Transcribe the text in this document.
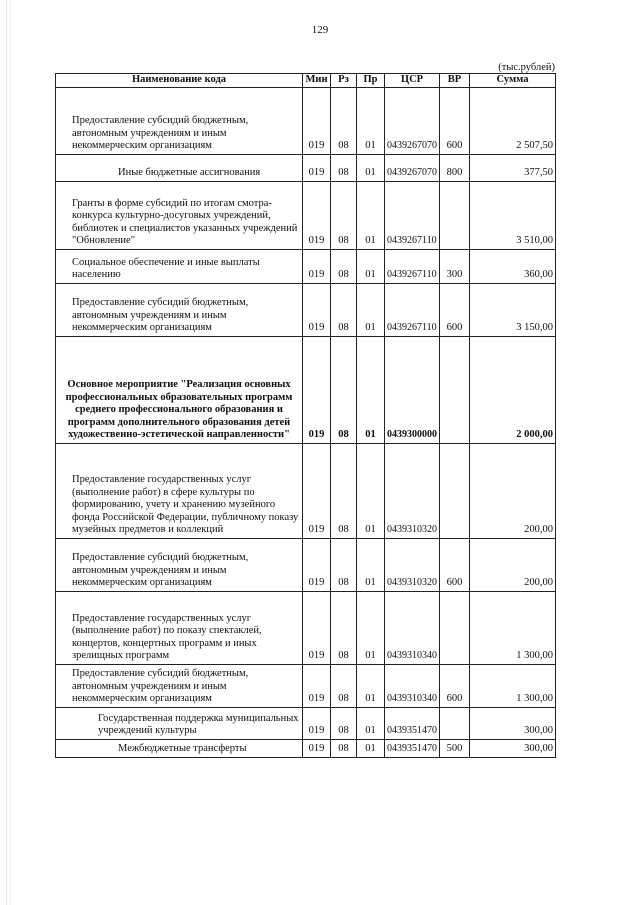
129
(тыс.рублей)
Наименование кода	Мин	Рз	Пр	ЦСР	ВР	Сумма

Предоставление субсидий бюджетным, автономным учреждениям и иным некоммерческим организациям	019	08	01	0439267070	600	2 507,50

Иные бюджетные ассигнования	019	08	01	0439267070	800	377,50

Гранты в форме субсидий по итогам смотра-конкурса культурно-досуговых учреждений, библиотек и специалистов указанных учреждений "Обновление"	019	08	01	0439267110		3 510,00

Социальное обеспечение и иные выплаты населению	019	08	01	0439267110	300	360,00

Предоставление субсидий бюджетным, автономным учреждениям и иным некоммерческим организациям	019	08	01	0439267110	600	3 150,00

Основное мероприятие "Реализация основных профессиональных образовательных программ среднего профессионального образования и программ дополнительного образования детей художественно-эстетической направленности"	019	08	01	0439300000		2 000,00

Предоставление государственных услуг (выполнение работ) в сфере культуры по формированию, учету и хранению музейного фонда Российской Федерации, публичному показу музейных предметов и коллекций	019	08	01	0439310320		200,00

Предоставление субсидий бюджетным, автономным учреждениям и иным некоммерческим организациям	019	08	01	0439310320	600	200,00

Предоставление государственных услуг (выполнение работ) по показу спектаклей, концертов, концертных программ и иных зрелищных программ	019	08	01	0439310340		1 300,00

Предоставление субсидий бюджетным, автономным учреждениям и иным некоммерческим организациям	019	08	01	0439310340	600	1 300,00

Государственная поддержка муниципальных учреждений культуры	019	08	01	0439351470		300,00

Межбюджетные трансферты	019	08	01	0439351470	500	300,00
